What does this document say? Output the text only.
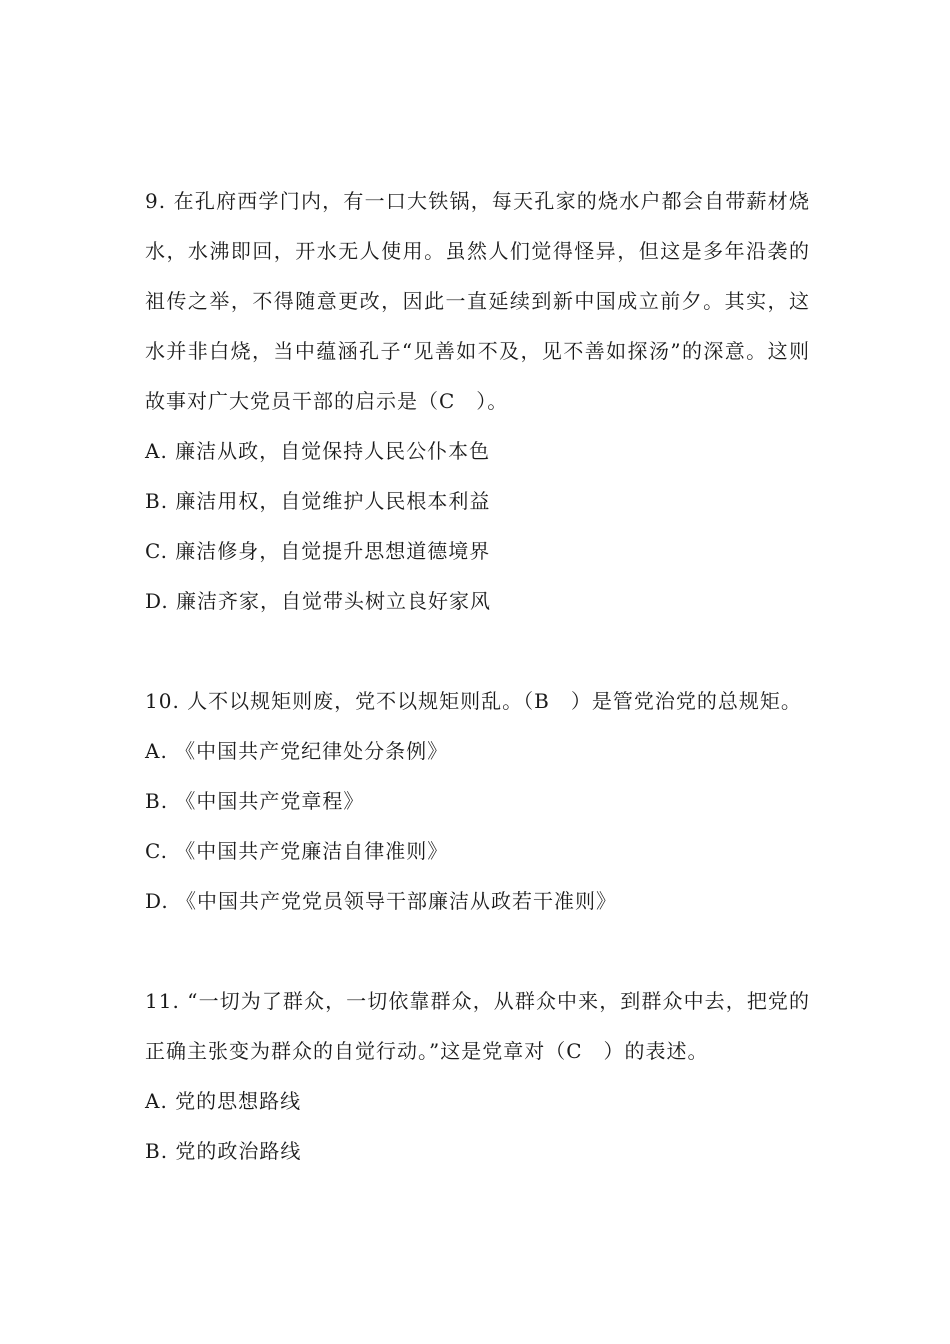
9. 在孔府西学门内，有一口大铁锅，每天孔家的烧水户都会自带薪材烧水，水沸即回，开水无人使用。虽然人们觉得怪异，但这是多年沿袭的祖传之举，不得随意更改，因此一直延续到新中国成立前夕。其实，这水并非白烧，当中蕴涵孔子“见善如不及，见不善如探汤”的深意。这则故事对广大党员干部的启示是（C　）。

A. 廉洁从政，自觉保持人民公仆本色

B. 廉洁用权，自觉维护人民根本利益

C. 廉洁修身，自觉提升思想道德境界

D. 廉洁齐家，自觉带头树立良好家风

10. 人不以规矩则废，党不以规矩则乱。（B　）是管党治党的总规矩。

A. 《中国共产党纪律处分条例》

B. 《中国共产党章程》

C. 《中国共产党廉洁自律准则》

D. 《中国共产党党员领导干部廉洁从政若干准则》

11. “一切为了群众，一切依靠群众，从群众中来，到群众中去，把党的正确主张变为群众的自觉行动。”这是党章对（C　）的表述。

A. 党的思想路线

B. 党的政治路线
